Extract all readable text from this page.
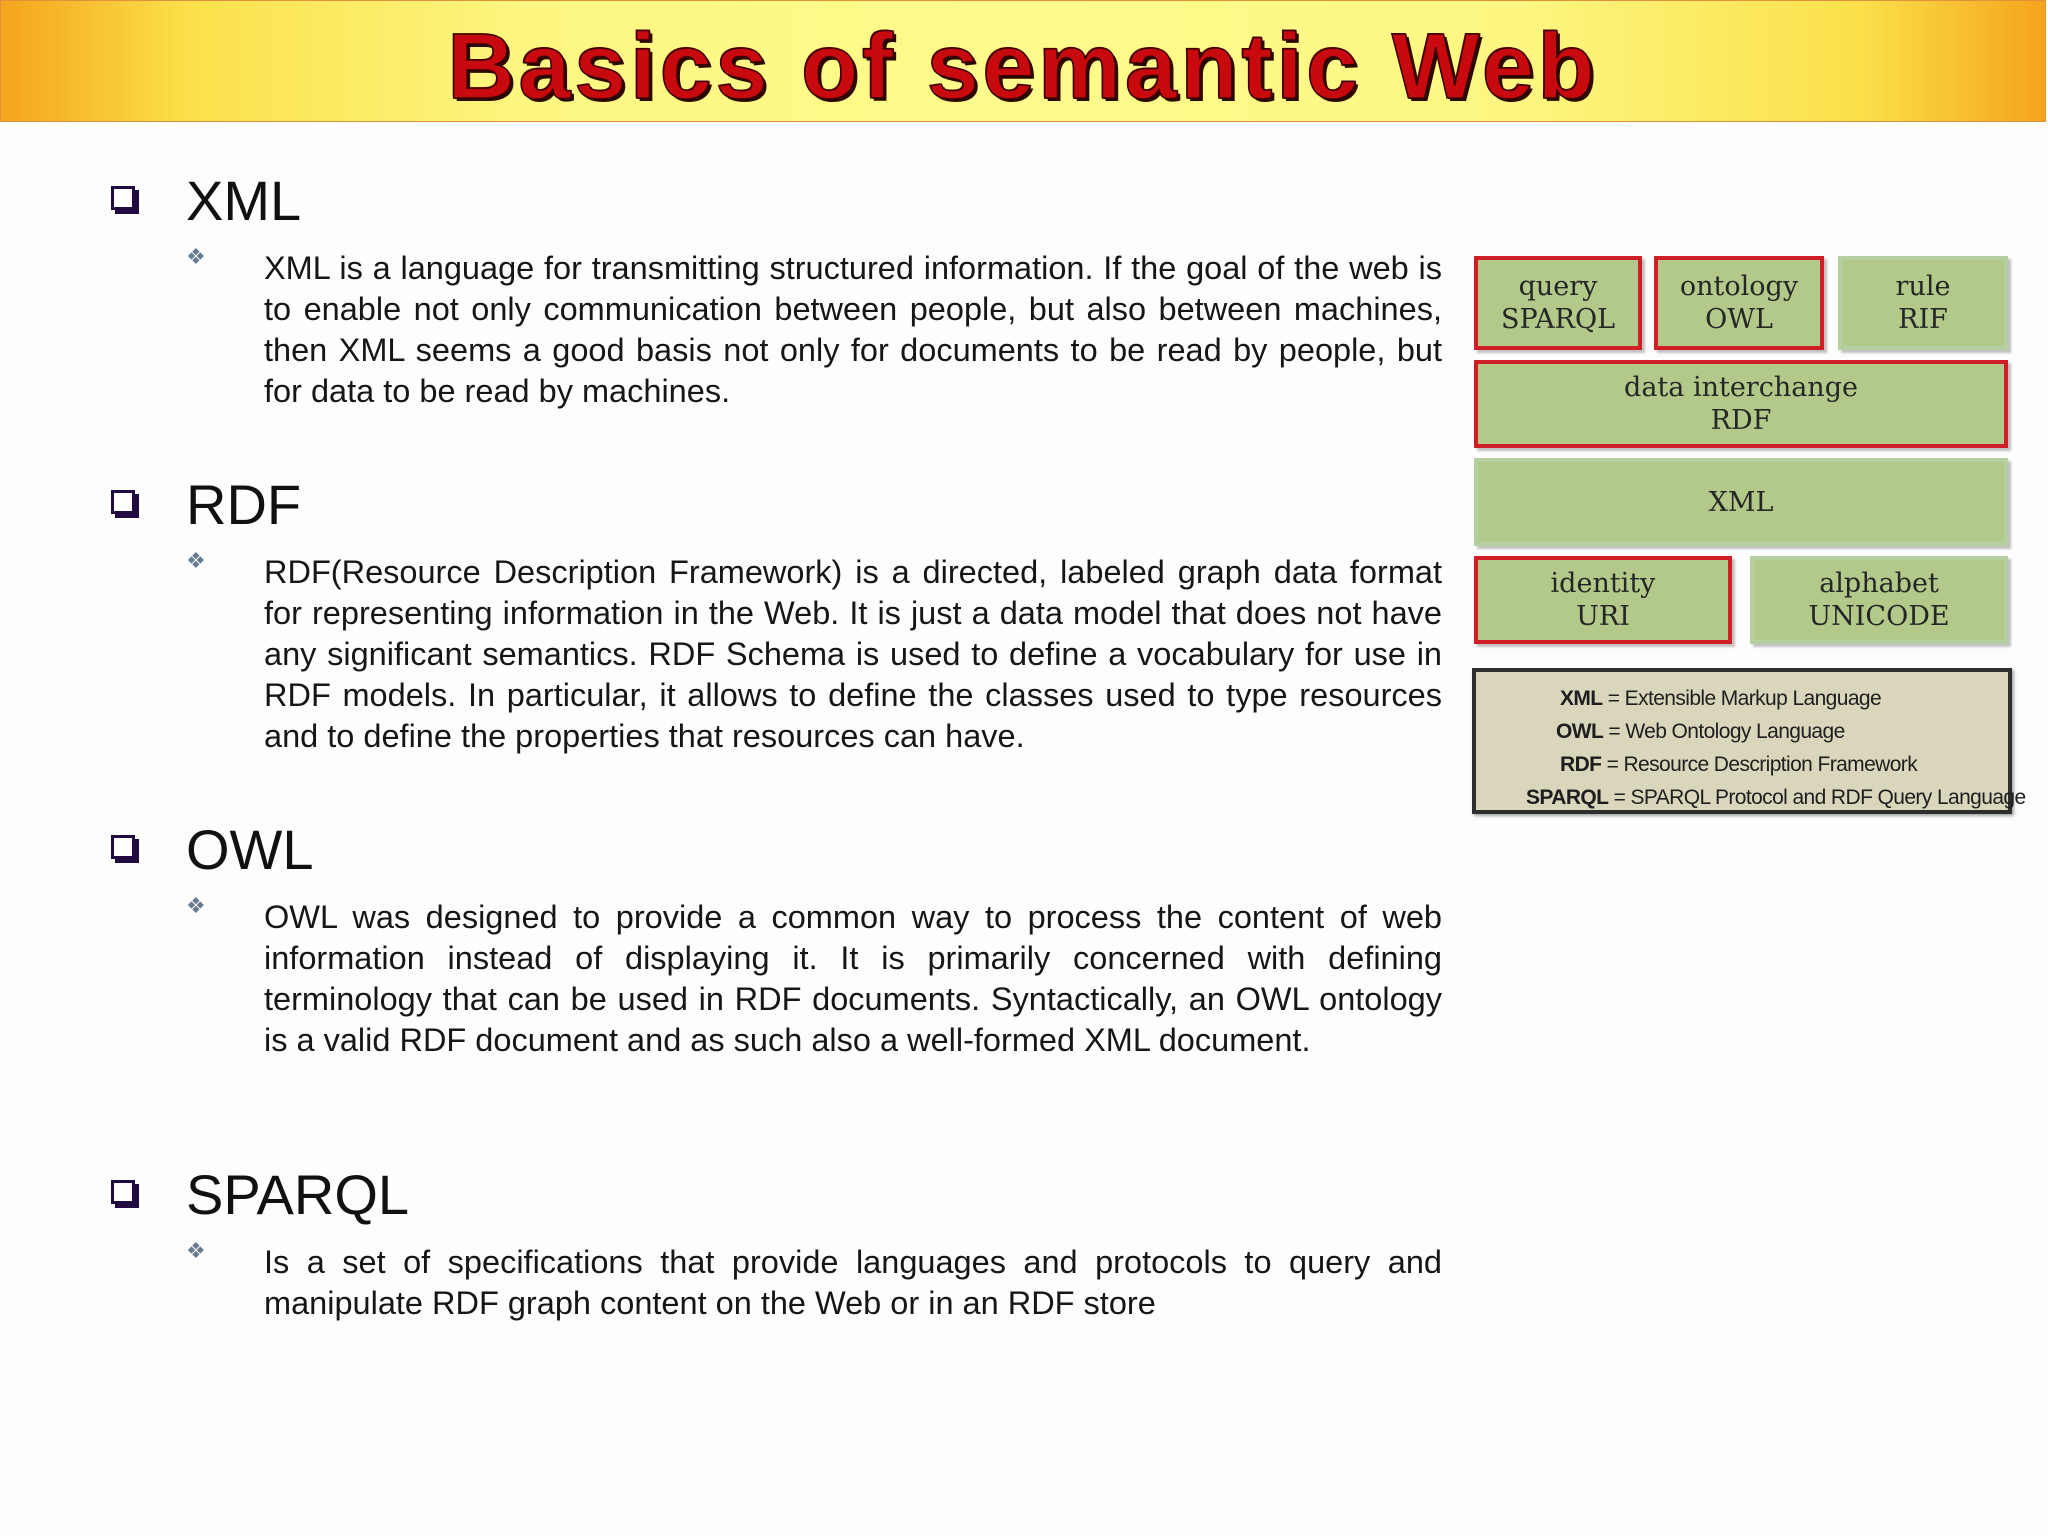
Basics of semantic Web
XML
❖ XML is a language for transmitting structured information. If the goal of the web is to enable not only communication between people, but also between machines, then XML seems a good basis not only for documents to be read by people, but for data to be read by machines.

RDF
❖ RDF(Resource Description Framework) is a directed, labeled graph data format for representing information in the Web. It is just a data model that does not have any significant semantics. RDF Schema is used to define a vocabulary for use in RDF models. In particular, it allows to define the classes used to type resources and to define the properties that resources can have.

OWL
❖ OWL was designed to provide a common way to process the content of web information instead of displaying it. It is primarily concerned with defining terminology that can be used in RDF documents. Syntactically, an OWL ontology is a valid RDF document and as such also a well-formed XML document.

SPARQL
❖ Is a set of specifications that provide languages and protocols to query and manipulate RDF graph content on the Web or in an RDF store

query
SPARQL
ontology
OWL
rule
RIF
data interchange
RDF
XML
identity
URI
alphabet
UNICODE
XML = Extensible Markup Language
OWL = Web Ontology Language
RDF = Resource Description Framework
SPARQL = SPARQL Protocol and RDF Query Language
